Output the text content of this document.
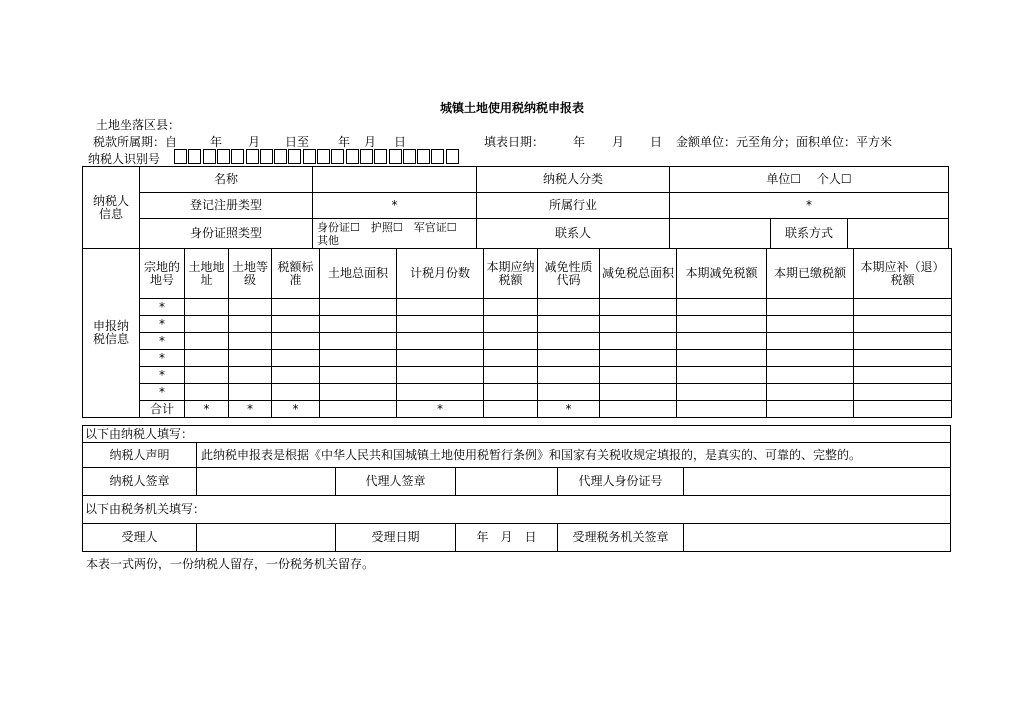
城镇土地使用税纳税申报表
土地坐落区县：
税款所属期：自	年 月 日至 年 月 日	填表日期： 年 月 日 金额单位：元至角分；面积单位：平方米
纳税人识别号
纳税人信息	名称		纳税人分类	单位☐　 个人☐		
	登记注册类型	*	所属行业	*		
	身份证照类型	身份证☐　护照☐　军官证☐　其他	联系人		联系方式	
申报纳税信息	宗地的地号	土地地址	土地等级	税额标准	土地总面积	计税月份数	本期应纳税额	减免性质代码	减免税总面积	本期减免税额	本期已缴税额	本期应补（退）税额
	*											
	*											
	*											
	*											
	*											
	*											
	合计	*	*	*		*		*				
以下由纳税人填写：					
纳税人声明	此纳税申报表是根据《中华人民共和国城镇土地使用税暂行条例》和国家有关税收规定填报的，是真实的、可靠的、完整的。				
纳税人签章		代理人签章		代理人身份证号	
以下由税务机关填写：					
受理人		受理日期	年　月　日	受理税务机关签章	
本表一式两份，一份纳税人留存，一份税务机关留存。
